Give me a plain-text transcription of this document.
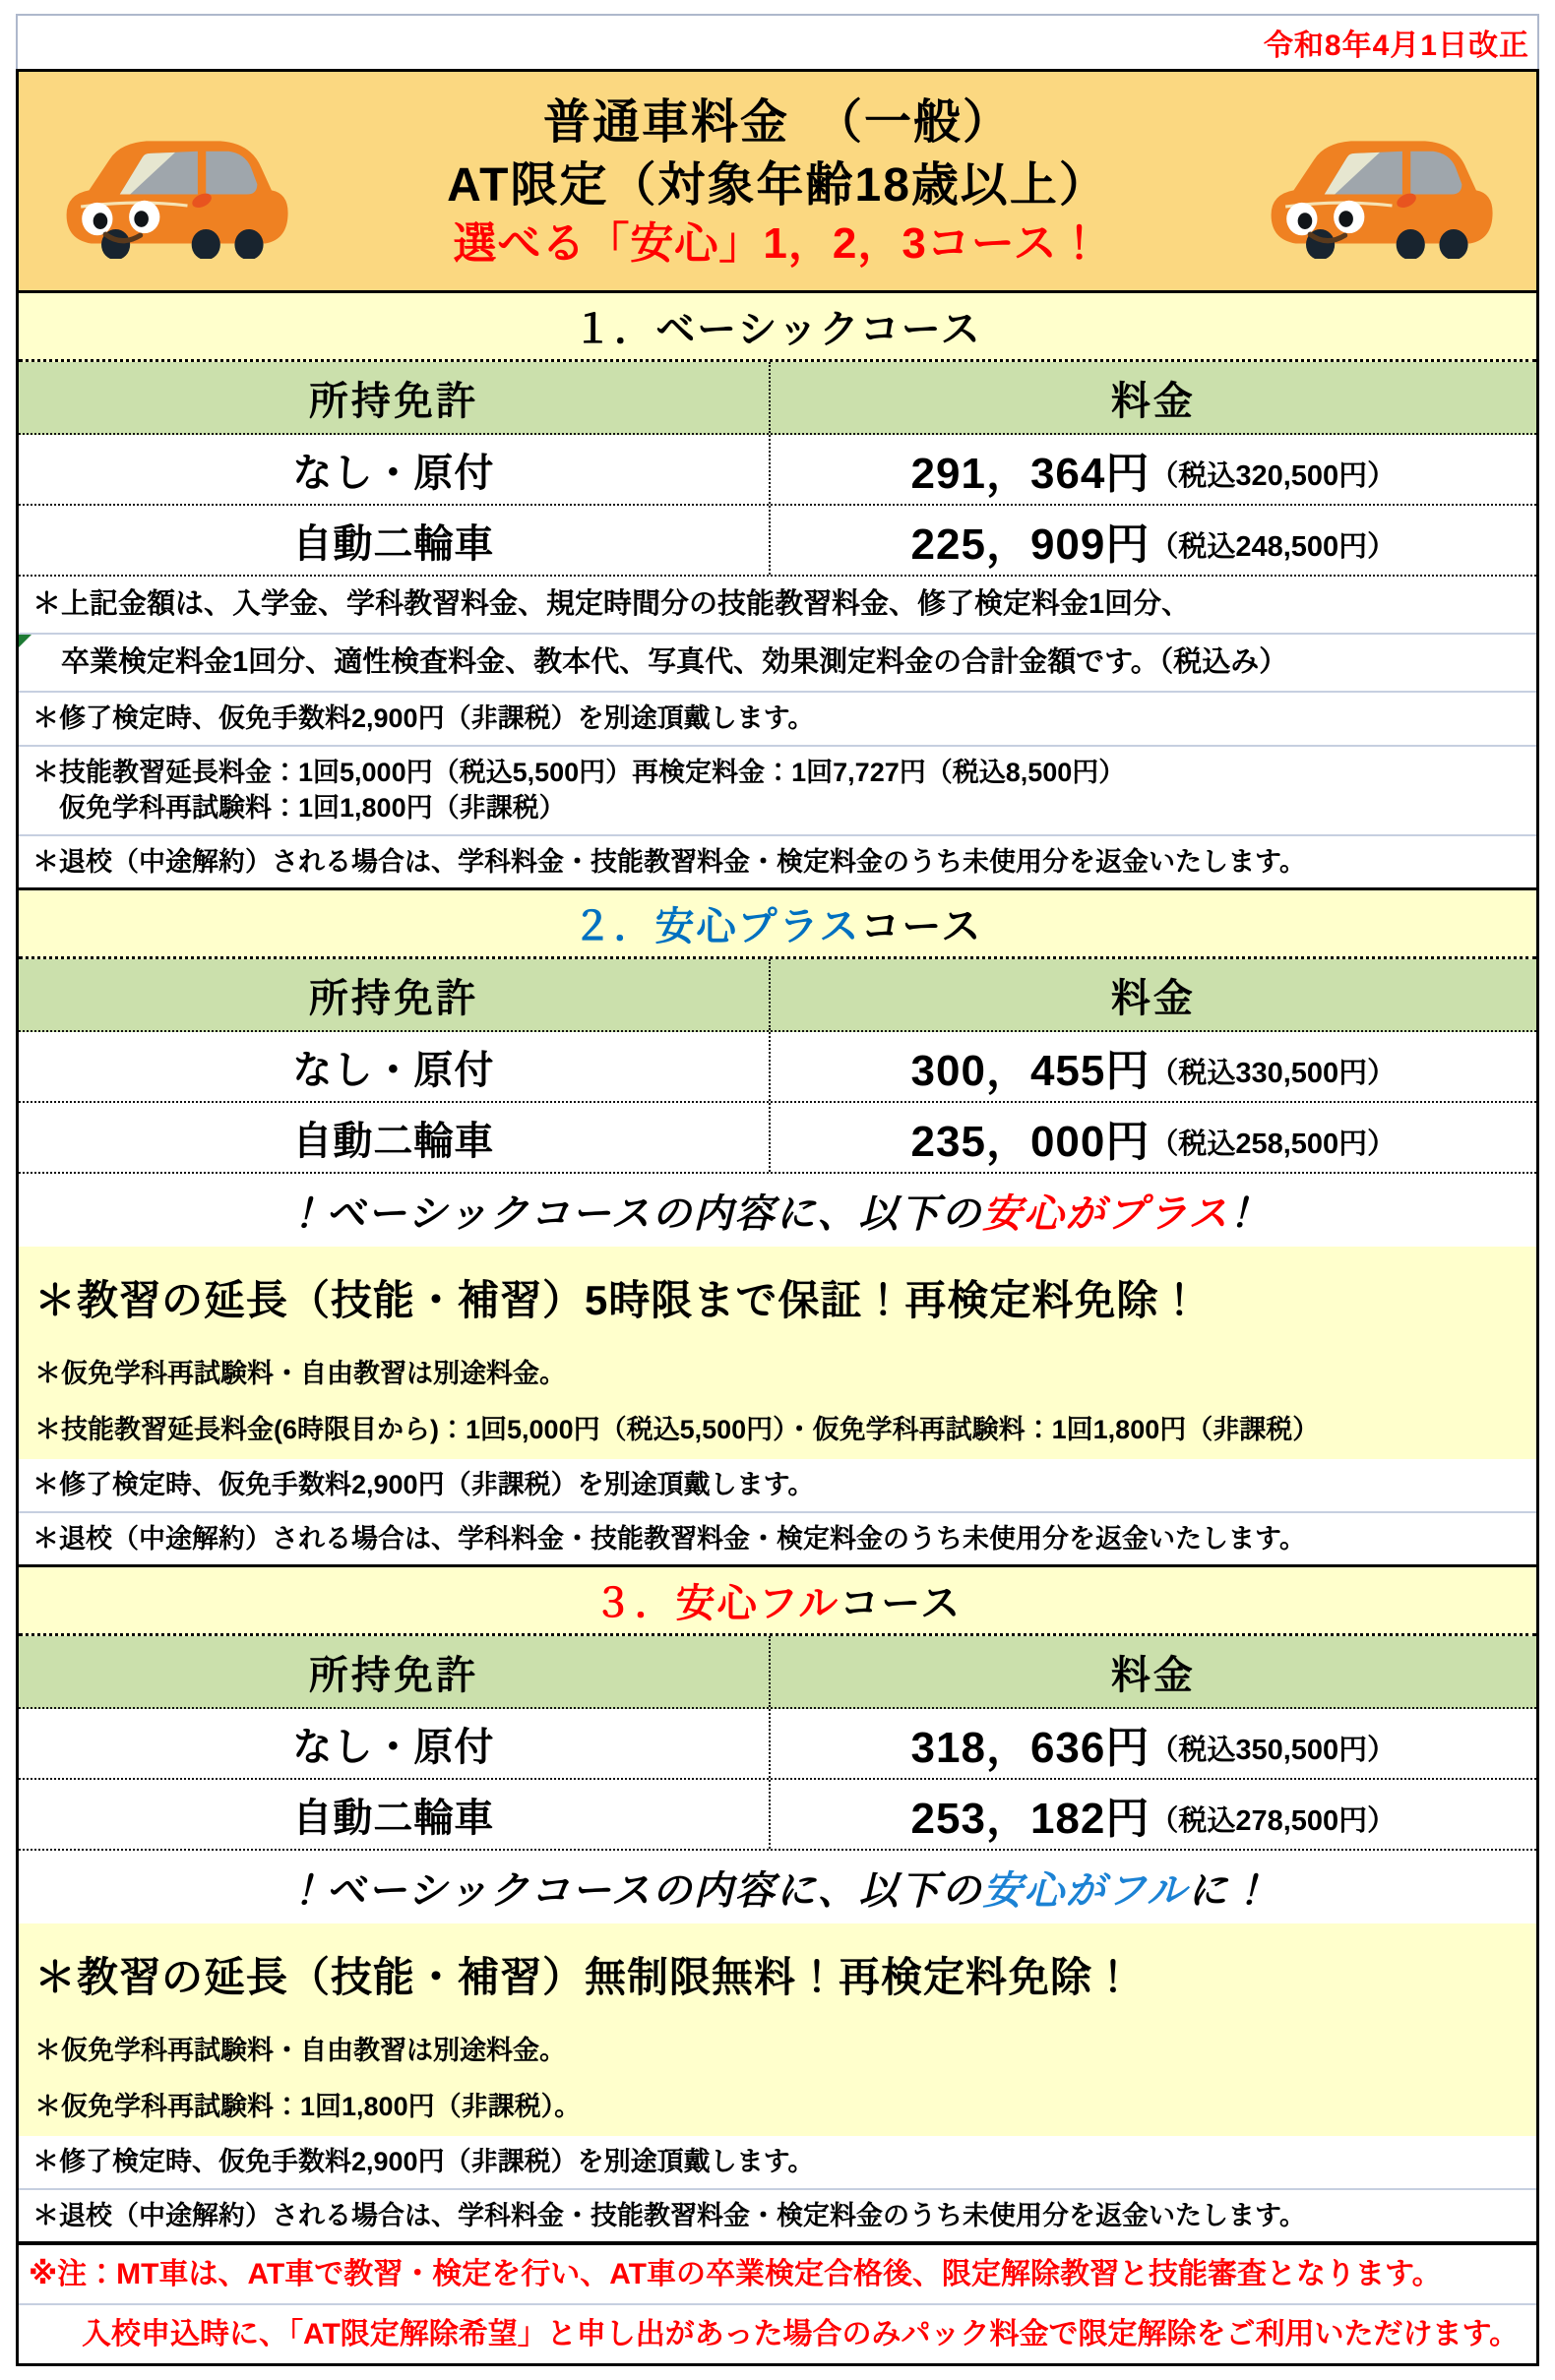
令和8年4月1日改正
普通車料金　（一般）
AT限定（対象年齢18歳以上）
選べる「安心」1，2，3コース！
１． ベーシックコース
所持免許	料金
なし・原付	291，364円 （税込320,500円）
自動二輪車	225，909円 （税込248,500円）
＊上記金額は、入学金、学科教習料金、規定時間分の技能教習料金、修了検定料金1回分、
　卒業検定料金1回分、適性検査料金、教本代、写真代、効果測定料金の合計金額です。（税込み）
＊修了検定時、仮免手数料2,900円（非課税）を別途頂戴します。
＊技能教習延長料金：1回5,000円（税込5,500円）再検定料金：1回7,727円（税込8,500円）
　仮免学科再試験料：1回1,800円（非課税）
＊退校（中途解約）される場合は、学科料金・技能教習料金・検定料金のうち未使用分を返金いたします。
２． 安心プラス コース
所持免許	料金
なし・原付	300，455円 （税込330,500円）
自動二輪車	235，000円 （税込258,500円）
！ベーシックコースの内容に、以下の 安心がプラス ！
＊教習の延長（技能・補習）5時限まで保証！再検定料免除！
＊仮免学科再試験料・自由教習は別途料金。
＊技能教習延長料金(6時限目から)：1回5,000円（税込5,500円）・仮免学科再試験料：1回1,800円（非課税）
＊修了検定時、仮免手数料2,900円（非課税）を別途頂戴します。
＊退校（中途解約）される場合は、学科料金・技能教習料金・検定料金のうち未使用分を返金いたします。
３． 安心フル コース
所持免許	料金
なし・原付	318，636円 （税込350,500円）
自動二輪車	253，182円 （税込278,500円）
！ベーシックコースの内容に、以下の 安心がフル に！
＊教習の延長（技能・補習）無制限無料！再検定料免除！
＊仮免学科再試験料・自由教習は別途料金。
＊仮免学科再試験料：1回1,800円（非課税）。
＊修了検定時、仮免手数料2,900円（非課税）を別途頂戴します。
＊退校（中途解約）される場合は、学科料金・技能教習料金・検定料金のうち未使用分を返金いたします。
※注：MT車は、AT車で教習・検定を行い、AT車の卒業検定合格後、限定解除教習と技能審査となります。
　入校申込時に、「AT限定解除希望」と申し出があった場合のみパック料金で限定解除をご利用いただけます。
